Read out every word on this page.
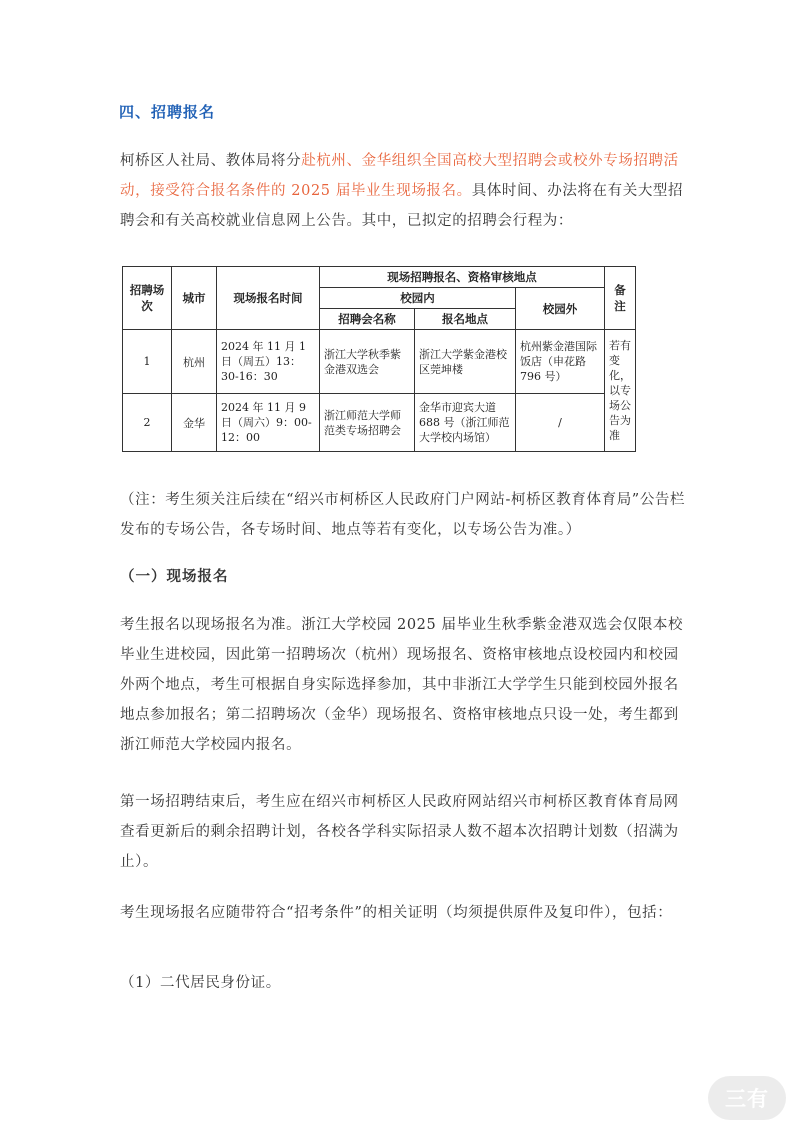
四、招聘报名

柯桥区人社局、教体局将分赴杭州、金华组织全国高校大型招聘会或校外专场招聘活动，接受符合报名条件的 2025 届毕业生现场报名。具体时间、办法将在有关大型招聘会和有关高校就业信息网上公告。其中，已拟定的招聘会行程为：

招聘场次	城市	现场报名时间	现场招聘报名、资格审核地点			备注
			校园内		校园外	
			招聘会名称	报名地点		
1	杭州	2024 年 11 月 1 日（周五）13：30-16：30	浙江大学秋季紫金港双选会	浙江大学紫金港校区莞坤楼	杭州紫金港国际饭店（申花路 796 号）	若有变化，以专场公告为准
2	金华	2024 年 11 月 9 日（周六）9：00-12：00	浙江师范大学师范类专场招聘会	金华市迎宾大道 688 号（浙江师范大学校内场馆）	/	

（注：考生须关注后续在“绍兴市柯桥区人民政府门户网站-柯桥区教育体育局”公告栏发布的专场公告，各专场时间、地点等若有变化，以专场公告为准。）

（一）现场报名

考生报名以现场报名为准。浙江大学校园 2025 届毕业生秋季紫金港双选会仅限本校毕业生进校园，因此第一招聘场次（杭州）现场报名、资格审核地点设校园内和校园外两个地点，考生可根据自身实际选择参加，其中非浙江大学学生只能到校园外报名地点参加报名；第二招聘场次（金华）现场报名、资格审核地点只设一处，考生都到浙江师范大学校园内报名。

第一场招聘结束后，考生应在绍兴市柯桥区人民政府网站绍兴市柯桥区教育体育局网查看更新后的剩余招聘计划，各校各学科实际招录人数不超本次招聘计划数（招满为止）。

考生现场报名应随带符合“招考条件”的相关证明（均须提供原件及复印件），包括：

（1）二代居民身份证。

三有
